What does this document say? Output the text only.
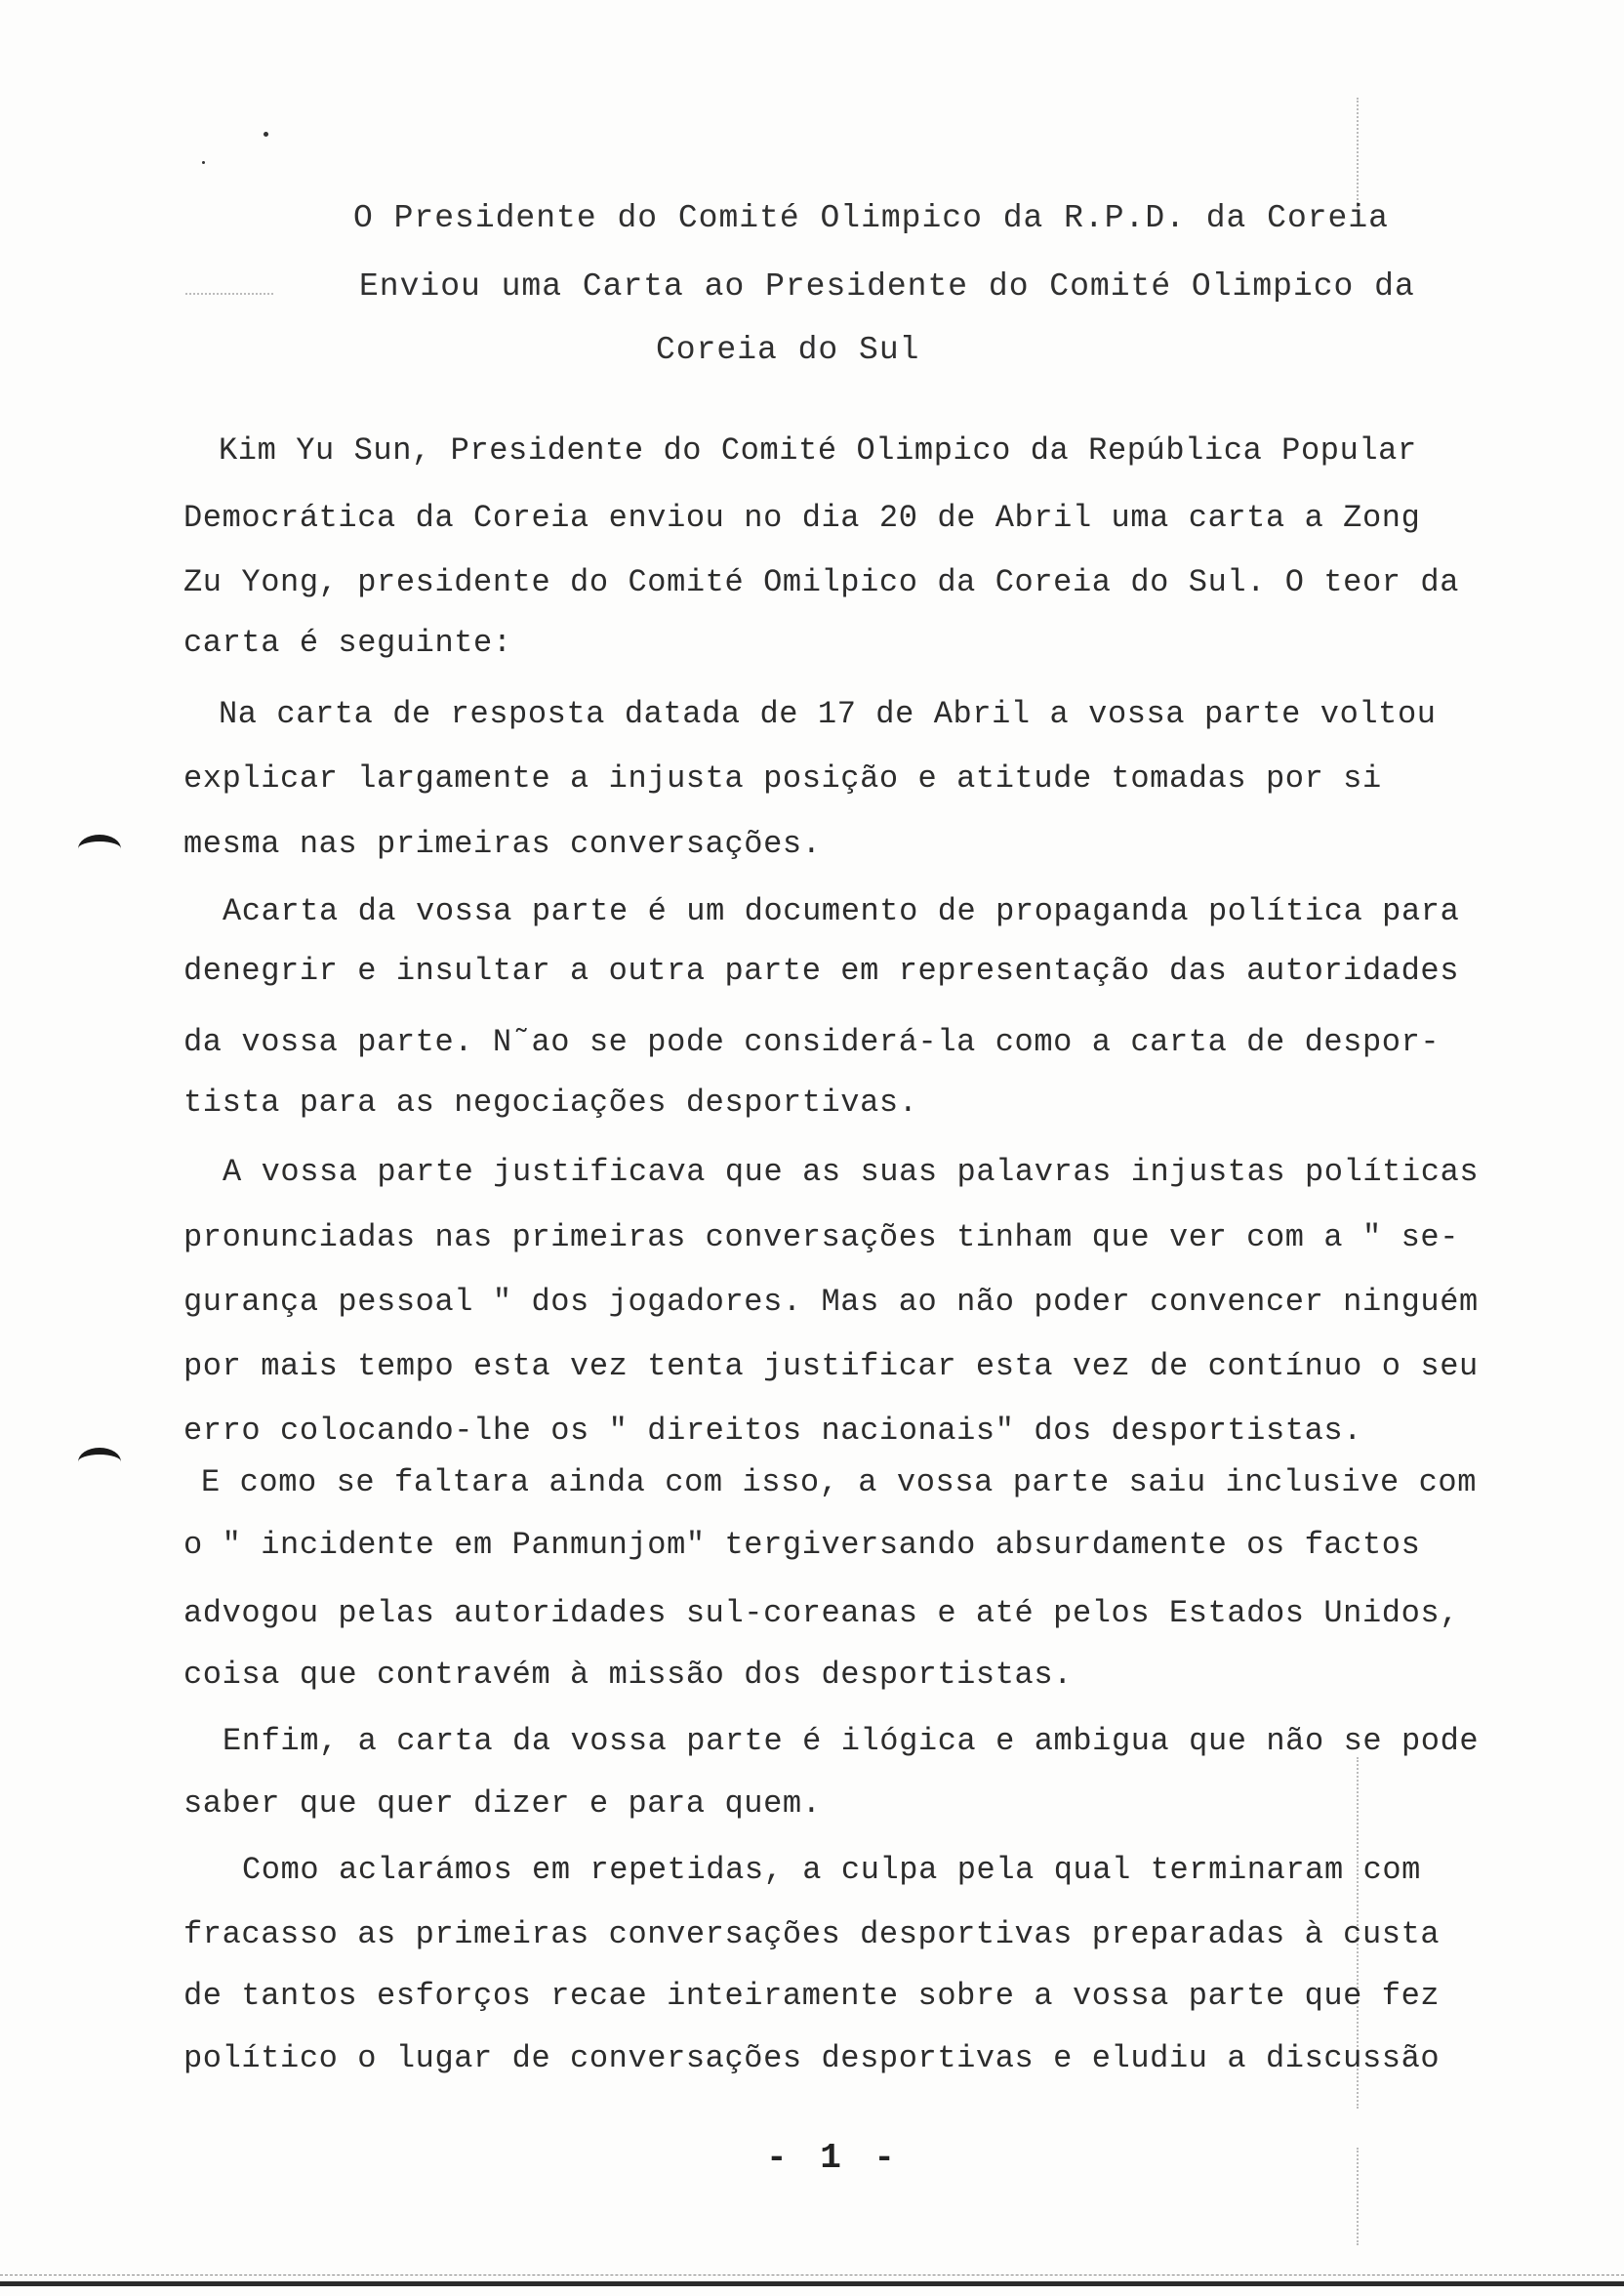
O Presidente do Comité Olimpico da R.P.D. da Coreia
Enviou uma Carta ao Presidente do Comité Olimpico da
Coreia do Sul
Kim Yu Sun, Presidente do Comité Olimpico da República Popular
Democrática da Coreia enviou no dia 20 de Abril uma carta a Zong
Zu Yong, presidente do Comité Omilpico da Coreia do Sul. O teor da
carta é seguinte:
Na carta de resposta datada de 17 de Abril a vossa parte voltou
explicar largamente a injusta posição e atitude tomadas por si
mesma nas primeiras conversações.
Acarta da vossa parte é um documento de propaganda política para
denegrir e insultar a outra parte em representação das autoridades
da vossa parte. N˜ao se pode considerá-la como a carta de despor-
tista para as negociações desportivas.
A vossa parte justificava que as suas palavras injustas políticas
pronunciadas nas primeiras conversações tinham que ver com a " se-
gurança pessoal " dos jogadores. Mas ao não poder convencer ninguém
por mais tempo esta vez tenta justificar esta vez de contínuo o seu
erro colocando-lhe os " direitos nacionais" dos desportistas.
E como se faltara ainda com isso, a vossa parte saiu inclusive com
o " incidente em Panmunjom" tergiversando absurdamente os factos
advogou pelas autoridades sul-coreanas e até pelos Estados Unidos,
coisa que contravém à missão dos desportistas.
Enfim, a carta da vossa parte é ilógica e ambigua que não se pode
saber que quer dizer e para quem.
Como aclarámos em repetidas, a culpa pela qual terminaram com
fracasso as primeiras conversações desportivas preparadas à custa
de tantos esforços recae inteiramente sobre a vossa parte que fez
político o lugar de conversações desportivas e eludiu a discussão
- 1 -
